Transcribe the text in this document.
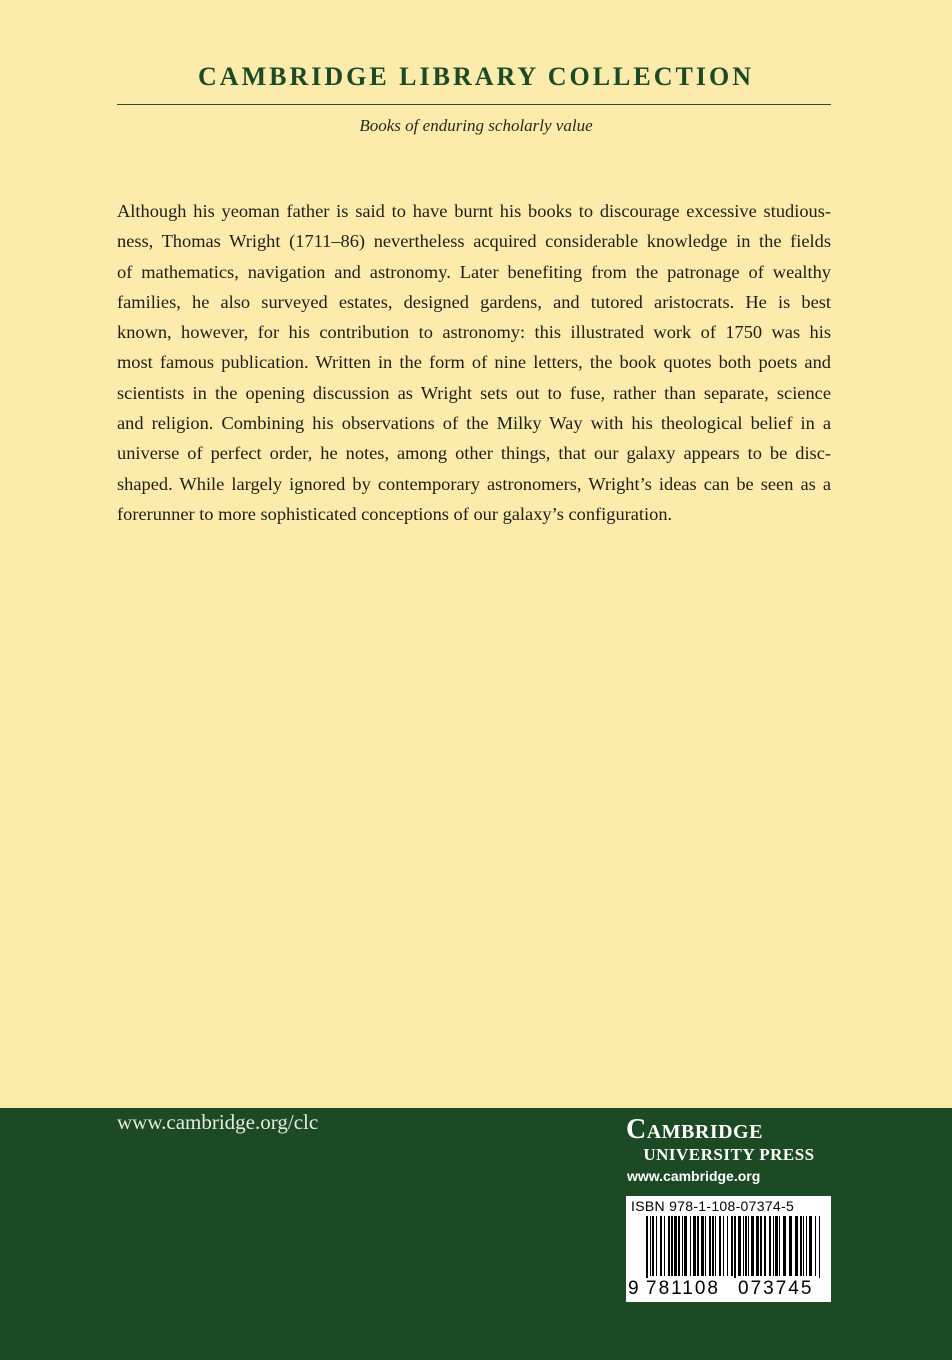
CAMBRIDGE LIBRARY COLLECTION
Books of enduring scholarly value
Although his yeoman father is said to have burnt his books to discourage excessive studious-
ness, Thomas Wright (1711–86) nevertheless acquired considerable knowledge in the fields
of mathematics, navigation and astronomy. Later benefiting from the patronage of wealthy
families, he also surveyed estates, designed gardens, and tutored aristocrats. He is best
known, however, for his contribution to astronomy: this illustrated work of 1750 was his
most famous publication. Written in the form of nine letters, the book quotes both poets and
scientists in the opening discussion as Wright sets out to fuse, rather than separate, science
and religion. Combining his observations of the Milky Way with his theological belief in a
universe of perfect order, he notes, among other things, that our galaxy appears to be disc-
shaped. While largely ignored by contemporary astronomers, Wright’s ideas can be seen as a
forerunner to more sophisticated conceptions of our galaxy’s configuration.
www.cambridge.org/clc	Cambridge
UNIVERSITY PRESS
www.cambridge.org
ISBN 978-1-108-07374-5
9 781108 073745
